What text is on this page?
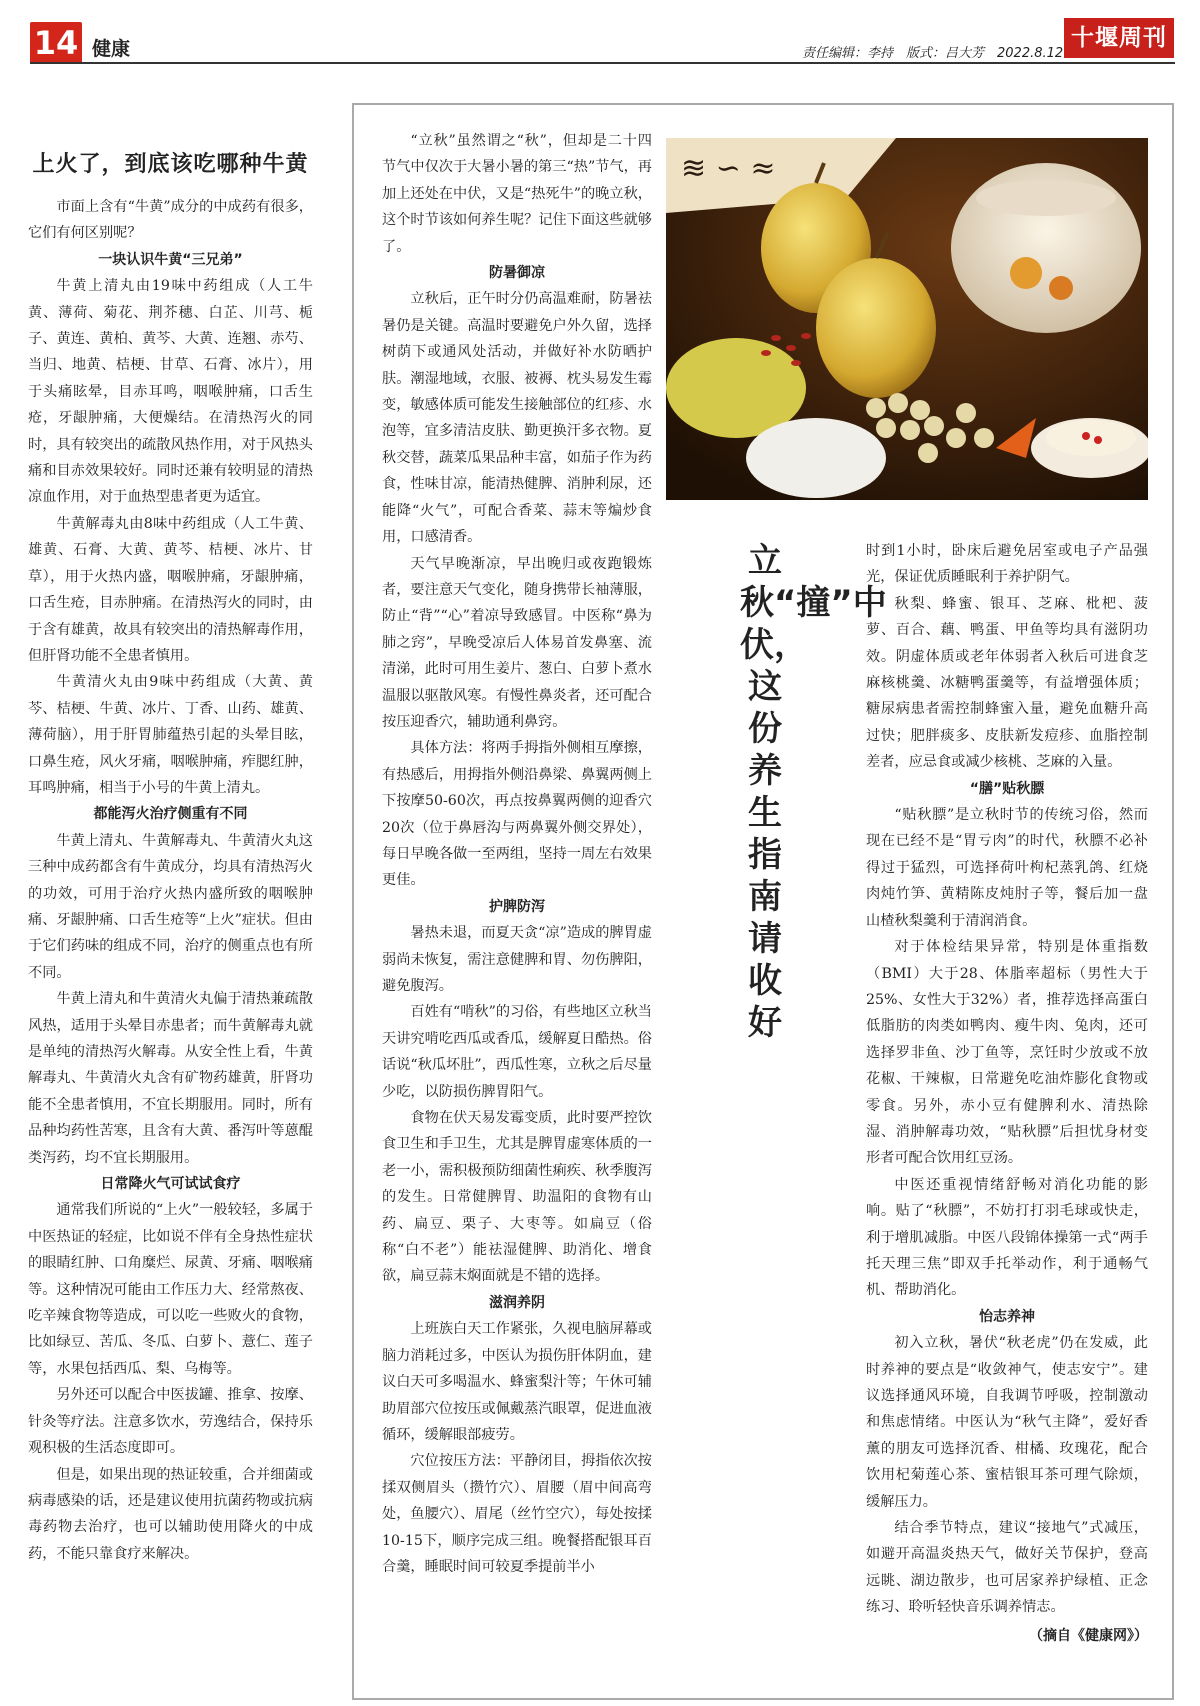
14 健康	责任编辑：李持　版式：吕大芳　2022.8.12
十堰周刊
上火了，到底该吃哪种牛黄

市面上含有“牛黄”成分的中成药有很多，它们有何区别呢？

一块认识牛黄“三兄弟”

牛黄上清丸由19味中药组成（人工牛黄、薄荷、菊花、荆芥穗、白芷、川芎、栀子、黄连、黄柏、黄芩、大黄、连翘、赤芍、当归、地黄、桔梗、甘草、石膏、冰片），用于头痛眩晕，目赤耳鸣，咽喉肿痛，口舌生疮，牙龈肿痛，大便燥结。在清热泻火的同时，具有较突出的疏散风热作用，对于风热头痛和目赤效果较好。同时还兼有较明显的清热凉血作用，对于血热型患者更为适宜。

牛黄解毒丸由8味中药组成（人工牛黄、雄黄、石膏、大黄、黄芩、桔梗、冰片、甘草），用于火热内盛，咽喉肿痛，牙龈肿痛，口舌生疮，目赤肿痛。在清热泻火的同时，由于含有雄黄，故具有较突出的清热解毒作用，但肝肾功能不全患者慎用。

牛黄清火丸由9味中药组成（大黄、黄芩、桔梗、牛黄、冰片、丁香、山药、雄黄、薄荷脑），用于肝胃肺蕴热引起的头晕目眩，口鼻生疮，风火牙痛，咽喉肿痛，痄腮红肿，耳鸣肿痛，相当于小号的牛黄上清丸。

都能泻火治疗侧重有不同

牛黄上清丸、牛黄解毒丸、牛黄清火丸这三种中成药都含有牛黄成分，均具有清热泻火的功效，可用于治疗火热内盛所致的咽喉肿痛、牙龈肿痛、口舌生疮等“上火”症状。但由于它们药味的组成不同，治疗的侧重点也有所不同。

牛黄上清丸和牛黄清火丸偏于清热兼疏散风热，适用于头晕目赤患者；而牛黄解毒丸就是单纯的清热泻火解毒。从安全性上看，牛黄解毒丸、牛黄清火丸含有矿物药雄黄，肝肾功能不全患者慎用，不宜长期服用。同时，所有品种均药性苦寒，且含有大黄、番泻叶等蒽醌类泻药，均不宜长期服用。

日常降火气可试试食疗

通常我们所说的“上火”一般较轻，多属于中医热证的轻症，比如说不伴有全身热性症状的眼睛红肿、口角糜烂、尿黄、牙痛、咽喉痛等。这种情况可能由工作压力大、经常熬夜、吃辛辣食物等造成，可以吃一些败火的食物，比如绿豆、苦瓜、冬瓜、白萝卜、薏仁、莲子等，水果包括西瓜、梨、乌梅等。

另外还可以配合中医拔罐、推拿、按摩、针灸等疗法。注意多饮水，劳逸结合，保持乐观积极的生活态度即可。

但是，如果出现的热证较重，合并细菌或病毒感染的话，还是建议使用抗菌药物或抗病毒药物去治疗，也可以辅助使用降火的中成药，不能只靠食疗来解决。

“立秋”虽然谓之“秋”，但却是二十四节气中仅次于大暑小暑的第三“热”节气，再加上还处在中伏，又是“热死牛”的晚立秋，这个时节该如何养生呢？记住下面这些就够了。

防暑御凉

立秋后，正午时分仍高温难耐，防暑祛暑仍是关键。高温时要避免户外久留，选择树荫下或通风处活动，并做好补水防晒护肤。潮湿地域，衣服、被褥、枕头易发生霉变，敏感体质可能发生接触部位的红疹、水泡等，宜多清洁皮肤、勤更换汗多衣物。夏秋交替，蔬菜瓜果品种丰富，如茄子作为药食，性味甘凉，能清热健脾、消肿利尿，还能降“火气”，可配合香菜、蒜末等煸炒食用，口感清香。

天气早晚渐凉，早出晚归或夜跑锻炼者，要注意天气变化，随身携带长袖薄服，防止“背”“心”着凉导致感冒。中医称“鼻为肺之窍”，早晚受凉后人体易首发鼻塞、流清涕，此时可用生姜片、葱白、白萝卜煮水温服以驱散风寒。有慢性鼻炎者，还可配合按压迎香穴，辅助通利鼻窍。

具体方法：将两手拇指外侧相互摩擦，有热感后，用拇指外侧沿鼻梁、鼻翼两侧上下按摩50-60次，再点按鼻翼两侧的迎香穴20次（位于鼻唇沟与两鼻翼外侧交界处），每日早晚各做一至两组，坚持一周左右效果更佳。

护脾防泻

暑热未退，而夏天贪“凉”造成的脾胃虚弱尚未恢复，需注意健脾和胃、勿伤脾阳，避免腹泻。

百姓有“啃秋”的习俗，有些地区立秋当天讲究啃吃西瓜或香瓜，缓解夏日酷热。俗话说“秋瓜坏肚”，西瓜性寒，立秋之后尽量少吃，以防损伤脾胃阳气。

食物在伏天易发霉变质，此时要严控饮食卫生和手卫生，尤其是脾胃虚寒体质的一老一小，需积极预防细菌性痢疾、秋季腹泻的发生。日常健脾胃、助温阳的食物有山药、扁豆、栗子、大枣等。如扁豆（俗称“白不老”）能祛湿健脾、助消化、增食欲，扁豆蒜末焖面就是不错的选择。

滋润养阴

上班族白天工作紧张，久视电脑屏幕或脑力消耗过多，中医认为损伤肝体阴血，建议白天可多喝温水、蜂蜜梨汁等；午休可辅助眉部穴位按压或佩戴蒸汽眼罩，促进血液循环，缓解眼部疲劳。

穴位按压方法：平静闭目，拇指依次按揉双侧眉头（攒竹穴）、眉腰（眉中间高弯处，鱼腰穴）、眉尾（丝竹空穴），每处按揉10-15下，顺序完成三组。晚餐搭配银耳百合羹，睡眠时间可较夏季提前半小

≋ ∽ ≈
立秋“撞”中伏，这份养生指南请收好

时到1小时，卧床后避免居室或电子产品强光，保证优质睡眠利于养护阴气。

秋梨、蜂蜜、银耳、芝麻、枇杷、菠萝、百合、藕、鸭蛋、甲鱼等均具有滋阴功效。阴虚体质或老年体弱者入秋后可进食芝麻核桃羹、冰糖鸭蛋羹等，有益增强体质；糖尿病患者需控制蜂蜜入量，避免血糖升高过快；肥胖痰多、皮肤新发痘疹、血脂控制差者，应忌食或减少核桃、芝麻的入量。

“膳”贴秋膘

“贴秋膘”是立秋时节的传统习俗，然而现在已经不是“胃亏肉”的时代，秋膘不必补得过于猛烈，可选择荷叶枸杞蒸乳鸽、红烧肉炖竹笋、黄精陈皮炖肘子等，餐后加一盘山楂秋梨羹利于清润消食。

对于体检结果异常，特别是体重指数（BMI）大于28、体脂率超标（男性大于25%、女性大于32%）者，推荐选择高蛋白低脂肪的肉类如鸭肉、瘦牛肉、兔肉，还可选择罗非鱼、沙丁鱼等，烹饪时少放或不放花椒、干辣椒，日常避免吃油炸膨化食物或零食。另外，赤小豆有健脾利水、清热除湿、消肿解毒功效，“贴秋膘”后担忧身材变形者可配合饮用红豆汤。

中医还重视情绪舒畅对消化功能的影响。贴了“秋膘”，不妨打打羽毛球或快走，利于增肌减脂。中医八段锦体操第一式“两手托天理三焦”即双手托举动作，利于通畅气机、帮助消化。

怡志养神

初入立秋，暑伏“秋老虎”仍在发威，此时养神的要点是“收敛神气，使志安宁”。建议选择通风环境，自我调节呼吸，控制激动和焦虑情绪。中医认为“秋气主降”，爱好香薰的朋友可选择沉香、柑橘、玫瑰花，配合饮用杞菊莲心茶、蜜桔银耳茶可理气除烦，缓解压力。

结合季节特点，建议“接地气”式减压，如避开高温炎热天气，做好关节保护，登高远眺、湖边散步，也可居家养护绿植、正念练习、聆听轻快音乐调养情志。

（摘自《健康网》）
